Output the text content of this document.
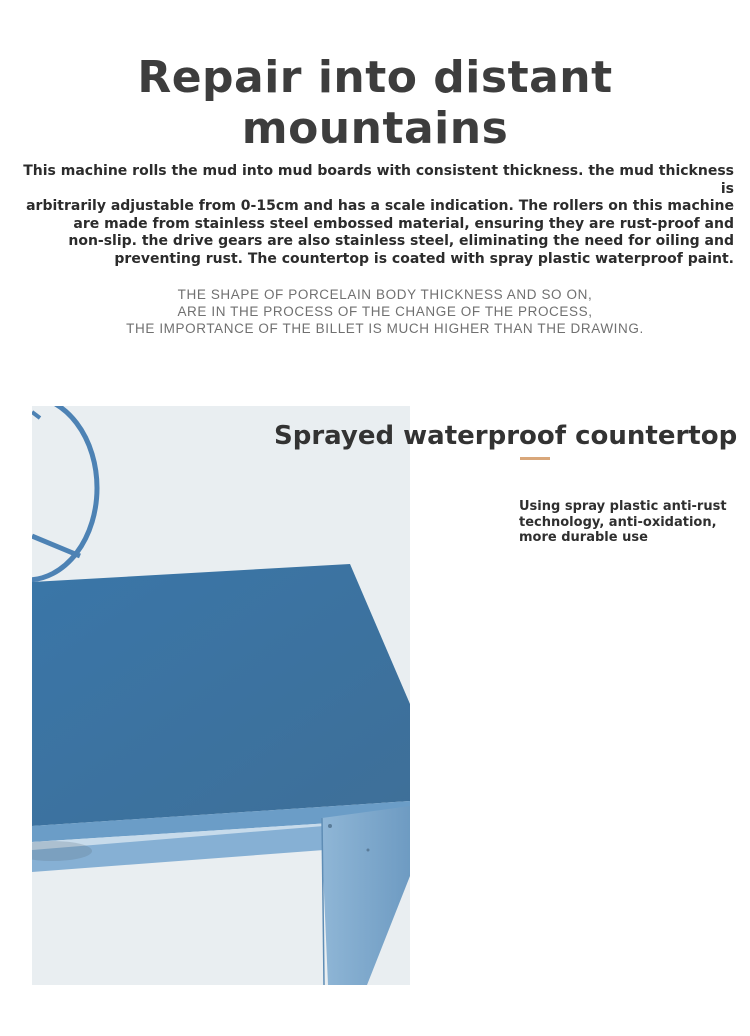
Repair into distant mountains
This machine rolls the mud into mud boards with consistent thickness. the mud thickness is
arbitrarily adjustable from 0-15cm and has a scale indication. The rollers on this machine
are made from stainless steel embossed material, ensuring they are rust-proof and
non-slip. the drive gears are also stainless steel, eliminating the need for oiling and
preventing rust. The countertop is coated with spray plastic waterproof paint.
THE SHAPE OF PORCELAIN BODY THICKNESS AND SO ON,
ARE IN THE PROCESS OF THE CHANGE OF THE PROCESS,
THE IMPORTANCE OF THE BILLET IS MUCH HIGHER THAN THE DRAWING.
Sprayed waterproof countertop
Using spray plastic anti-rust
technology, anti-oxidation,
more durable use
